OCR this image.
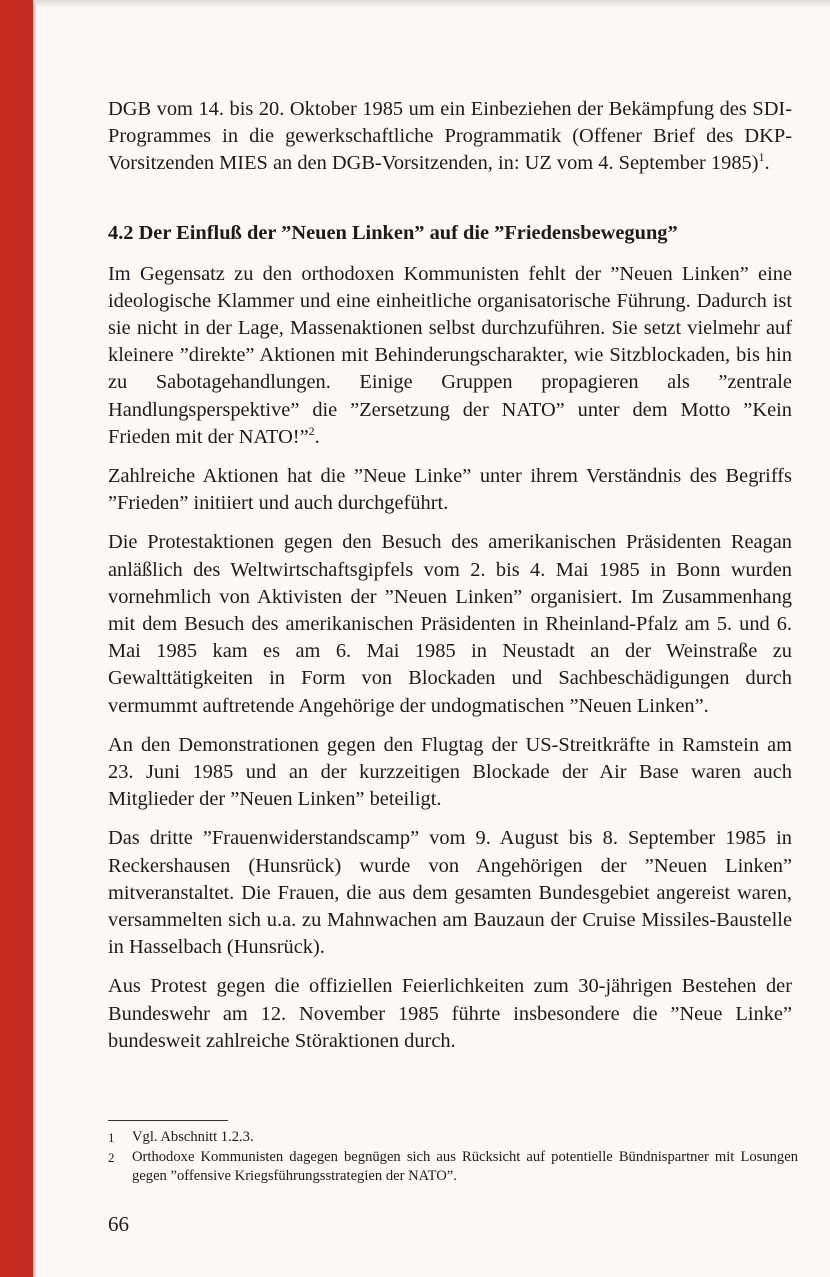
DGB vom 14. bis 20. Oktober 1985 um ein Einbeziehen der Bekämpfung des SDI-Programmes in die gewerkschaftliche Programmatik (Offener Brief des DKP-Vorsitzenden MIES an den DGB-Vorsitzenden, in: UZ vom 4. September 1985)$^1$.

4.2 Der Einfluß der ”Neuen Linken” auf die ”Friedensbewegung”

Im Gegensatz zu den orthodoxen Kommunisten fehlt der ”Neuen Linken” eine ideologische Klammer und eine einheitliche organisatorische Führung. Dadurch ist sie nicht in der Lage, Massenaktionen selbst durchzuführen. Sie setzt vielmehr auf kleinere ”direkte” Aktionen mit Behinderungscharakter, wie Sitzblockaden, bis hin zu Sabotagehandlungen. Einige Gruppen propagieren als ”zentrale Handlungsperspektive” die ”Zersetzung der NATO” unter dem Motto ”Kein Frieden mit der NATO!”$^2$.

Zahlreiche Aktionen hat die ”Neue Linke” unter ihrem Verständnis des Begriffs ”Frieden” initiiert und auch durchgeführt.

Die Protestaktionen gegen den Besuch des amerikanischen Präsidenten Reagan anläßlich des Weltwirtschaftsgipfels vom 2. bis 4. Mai 1985 in Bonn wurden vornehmlich von Aktivisten der ”Neuen Linken” organisiert. Im Zusammenhang mit dem Besuch des amerikanischen Präsidenten in Rheinland-Pfalz am 5. und 6. Mai 1985 kam es am 6. Mai 1985 in Neustadt an der Weinstraße zu Gewalttätigkeiten in Form von Blockaden und Sachbeschädigungen durch vermummt auftretende Angehörige der undogmatischen ”Neuen Linken”.

An den Demonstrationen gegen den Flugtag der US-Streitkräfte in Ramstein am 23. Juni 1985 und an der kurzzeitigen Blockade der Air Base waren auch Mitglieder der ”Neuen Linken” beteiligt.

Das dritte ”Frauenwiderstandscamp” vom 9. August bis 8. September 1985 in Reckershausen (Hunsrück) wurde von Angehörigen der ”Neuen Linken” mitveranstaltet. Die Frauen, die aus dem gesamten Bundesgebiet angereist waren, versammelten sich u.a. zu Mahnwachen am Bauzaun der Cruise Missiles-Baustelle in Hasselbach (Hunsrück).

Aus Protest gegen die offiziellen Feierlichkeiten zum 30-jährigen Bestehen der Bundeswehr am 12. November 1985 führte insbesondere die ”Neue Linke” bundesweit zahlreiche Störaktionen durch.

1	Vgl. Abschnitt 1.2.3.
2	Orthodoxe Kommunisten dagegen begnügen sich aus Rücksicht auf potentielle Bündnispartner mit Losungen gegen ”offensive Kriegsführungsstrategien der NATO”.
66
